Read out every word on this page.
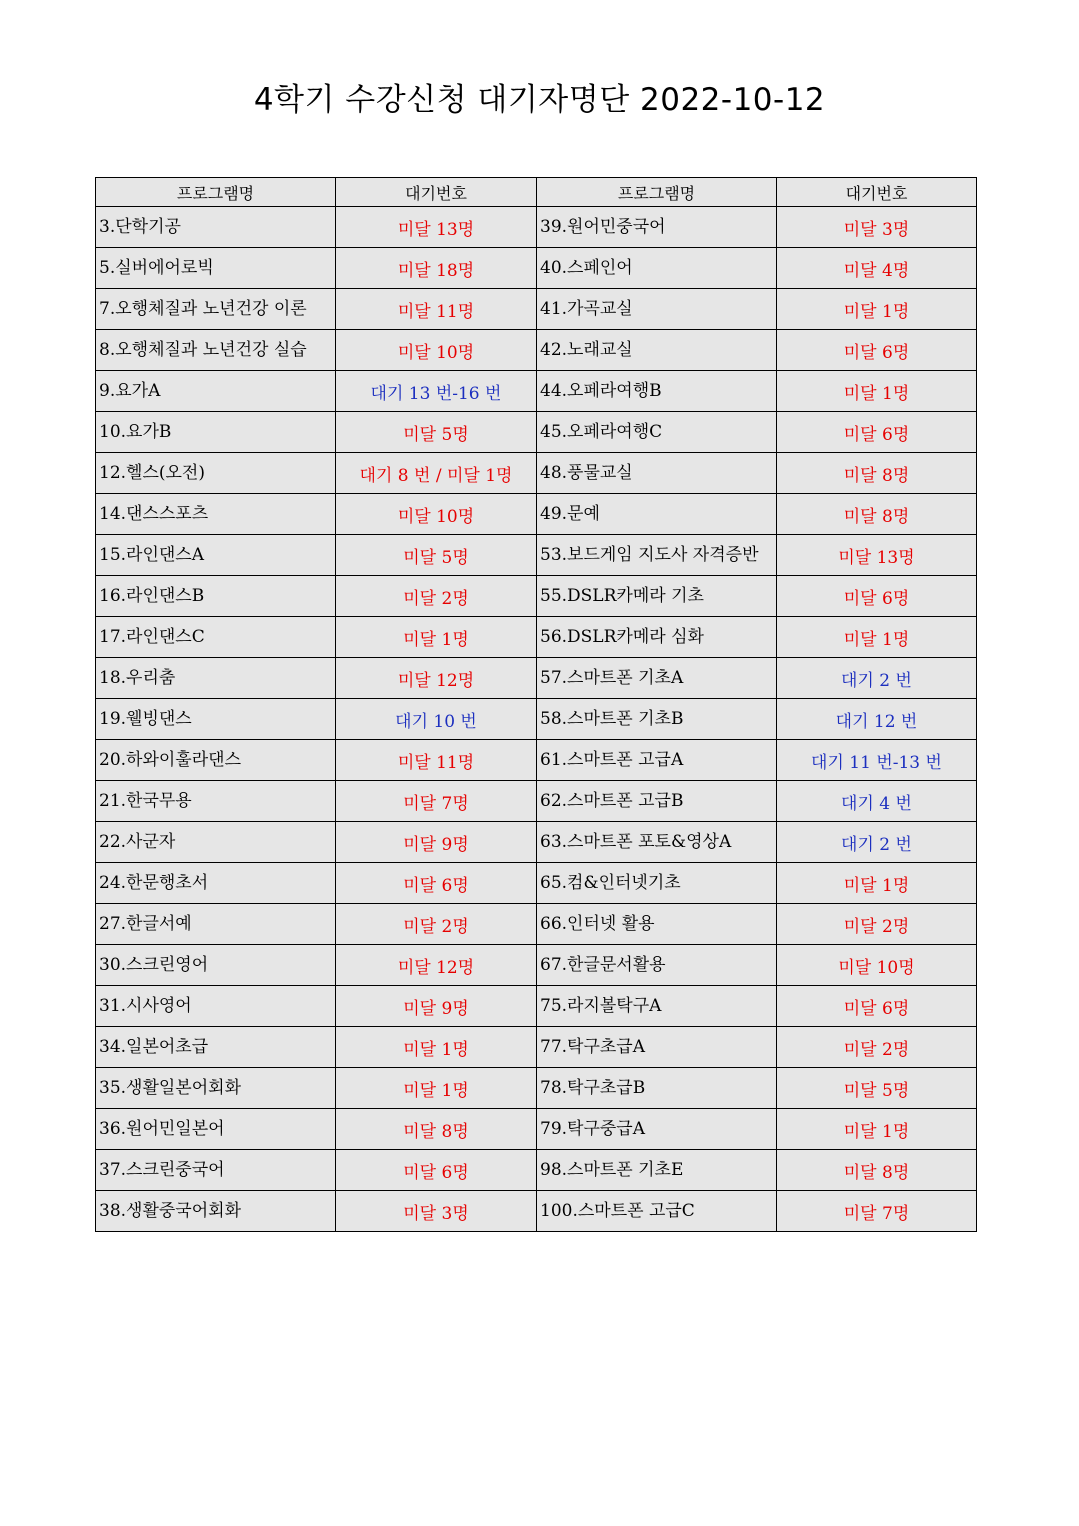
4학기 수강신청 대기자명단 2022-10-12
프로그램명	대기번호	프로그램명	대기번호
3.단학기공	미달 13명	39.원어민중국어	미달 3명
5.실버에어로빅	미달 18명	40.스페인어	미달 4명
7.오행체질과 노년건강 이론	미달 11명	41.가곡교실	미달 1명
8.오행체질과 노년건강 실습	미달 10명	42.노래교실	미달 6명
9.요가A	대기 13 번-16 번	44.오페라여행B	미달 1명
10.요가B	미달 5명	45.오페라여행C	미달 6명
12.헬스(오전)	대기 8 번 / 미달 1명	48.풍물교실	미달 8명
14.댄스스포츠	미달 10명	49.문예	미달 8명
15.라인댄스A	미달 5명	53.보드게임 지도사 자격증반	미달 13명
16.라인댄스B	미달 2명	55.DSLR카메라 기초	미달 6명
17.라인댄스C	미달 1명	56.DSLR카메라 심화	미달 1명
18.우리춤	미달 12명	57.스마트폰 기초A	대기 2 번
19.웰빙댄스	대기 10 번	58.스마트폰 기초B	대기 12 번
20.하와이훌라댄스	미달 11명	61.스마트폰 고급A	대기 11 번-13 번
21.한국무용	미달 7명	62.스마트폰 고급B	대기 4 번
22.사군자	미달 9명	63.스마트폰 포토&영상A	대기 2 번
24.한문행초서	미달 6명	65.컴&인터넷기초	미달 1명
27.한글서예	미달 2명	66.인터넷 활용	미달 2명
30.스크린영어	미달 12명	67.한글문서활용	미달 10명
31.시사영어	미달 9명	75.라지볼탁구A	미달 6명
34.일본어초급	미달 1명	77.탁구초급A	미달 2명
35.생활일본어회화	미달 1명	78.탁구초급B	미달 5명
36.원어민일본어	미달 8명	79.탁구중급A	미달 1명
37.스크린중국어	미달 6명	98.스마트폰 기초E	미달 8명
38.생활중국어회화	미달 3명	100.스마트폰 고급C	미달 7명
